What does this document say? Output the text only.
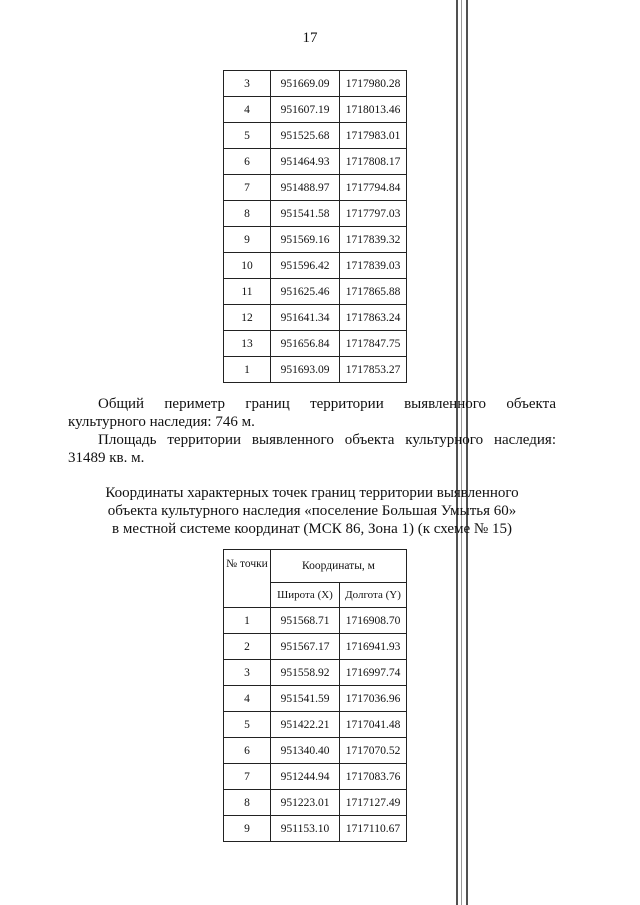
17
3	951669.09	1717980.28
4	951607.19	1718013.46
5	951525.68	1717983.01
6	951464.93	1717808.17
7	951488.97	1717794.84
8	951541.58	1717797.03
9	951569.16	1717839.32
10	951596.42	1717839.03
11	951625.46	1717865.88
12	951641.34	1717863.24
13	951656.84	1717847.75
1	951693.09	1717853.27
Общий периметр границ территории выявленного объекта
культурного наследия: 746 м.
Площадь территории выявленного объекта культурного наследия:
31489 кв. м.
Координаты характерных точек границ территории выявленного
объекта культурного наследия «поселение Большая Умытья 60»
в местной системе координат (МСК 86, Зона 1) (к схеме № 15)
№ точки	Координаты, м	
	Широта (X)	Долгота (Y)
1	951568.71	1716908.70
2	951567.17	1716941.93
3	951558.92	1716997.74
4	951541.59	1717036.96
5	951422.21	1717041.48
6	951340.40	1717070.52
7	951244.94	1717083.76
8	951223.01	1717127.49
9	951153.10	1717110.67
